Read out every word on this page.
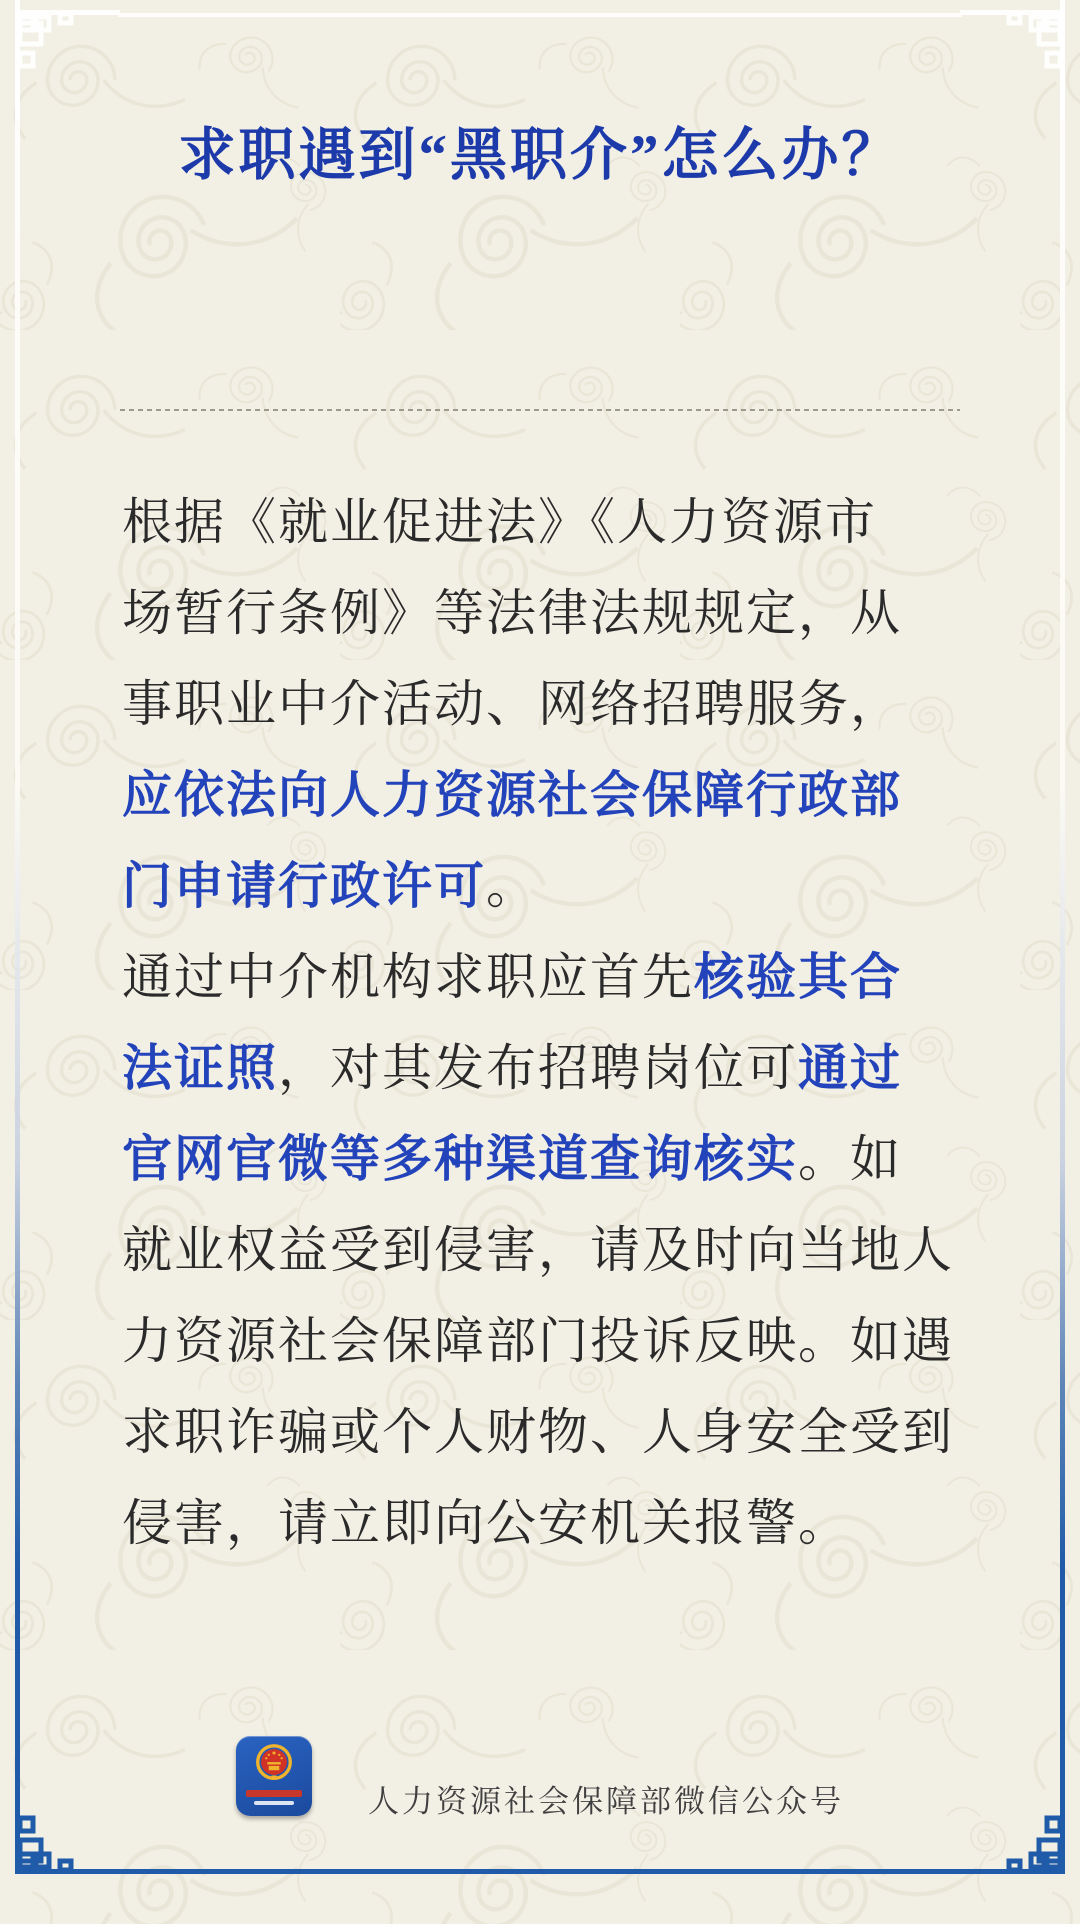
求职遇到“黑职介”怎么办？
根据《就业促进法》《人力资源市
场暂行条例》等法律法规规定，从
事职业中介活动、网络招聘服务，
应依法向人力资源社会保障行政部
门申请行政许可。
通过中介机构求职应首先核验其合
法证照，对其发布招聘岗位可通过
官网官微等多种渠道查询核实。如
就业权益受到侵害，请及时向当地人
力资源社会保障部门投诉反映。如遇
求职诈骗或个人财物、人身安全受到
侵害，请立即向公安机关报警。
人力资源社会保障部微信公众号
